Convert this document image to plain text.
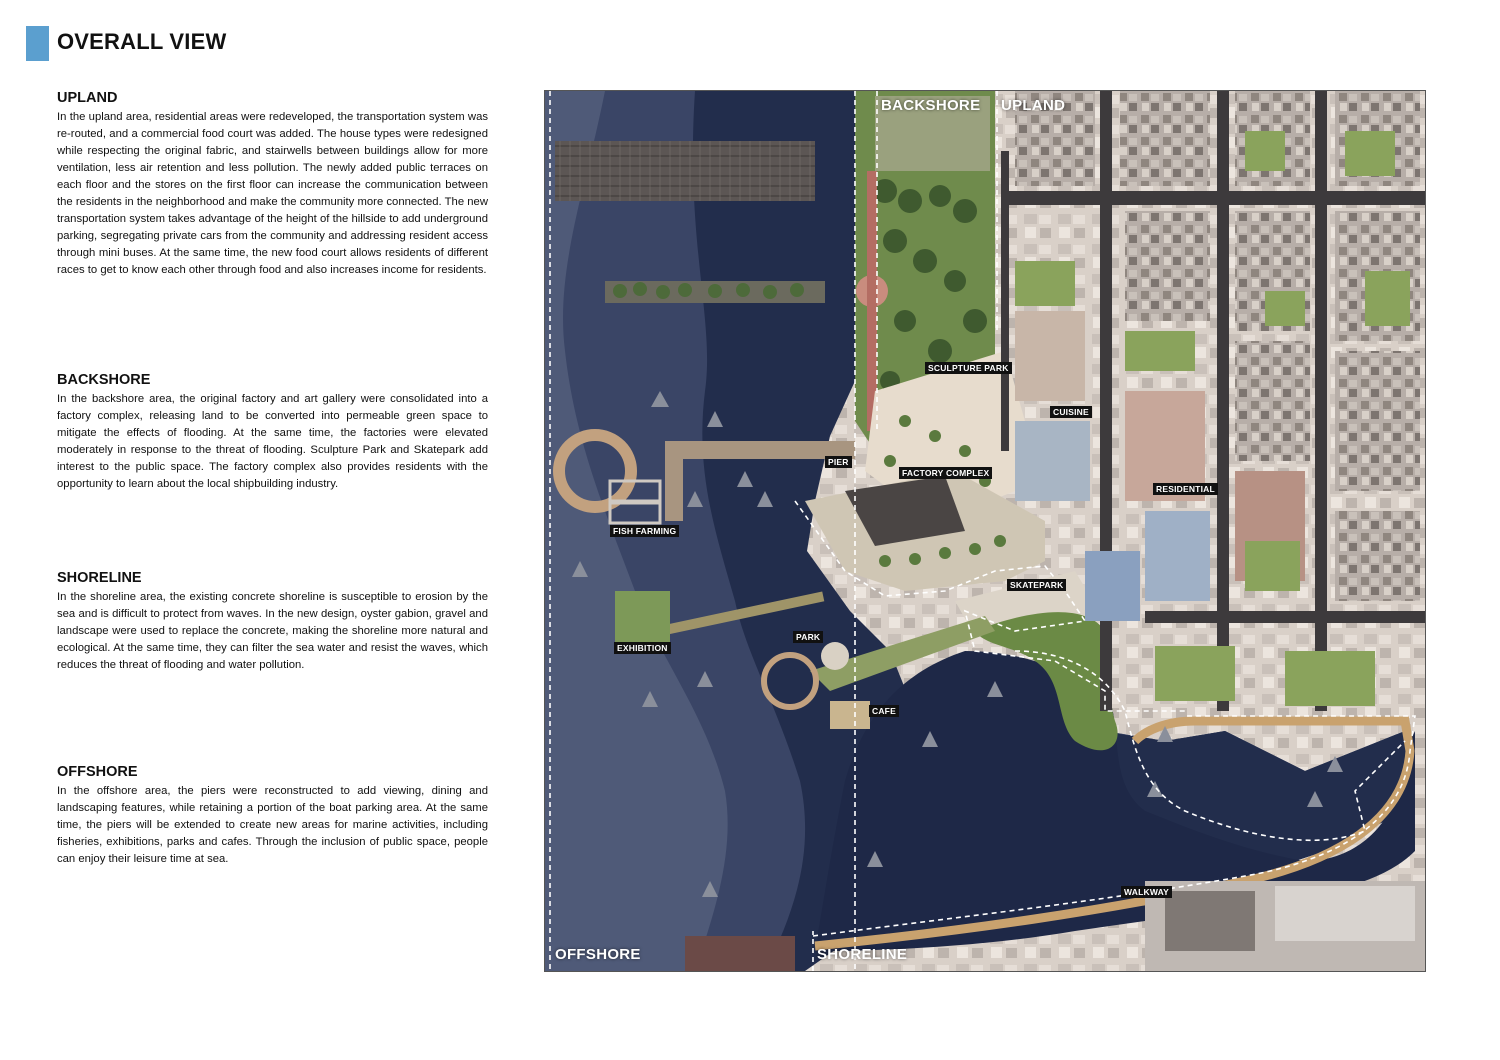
OVERALL VIEW
UPLAND

In the upland area, residential areas were redeveloped, the transportation system was re-routed, and a commercial food court was added. The house types were redesigned while respecting the original fabric, and stairwells between buildings allow for more ventilation, less air retention and less pollution. The newly added public terraces on each floor and the stores on the first floor can increase the communication between the residents in the neighborhood and make the community more connected. The new transportation system takes advantage of the height of the hillside to add underground parking, segregating private cars from the community and addressing resident access through mini buses. At the same time, the new food court allows residents of different races to get to know each other through food and also increases income for residents.

BACKSHORE

In the backshore area, the original factory and art gallery were consolidated into a factory complex, releasing land to be converted into permeable green space to mitigate the effects of flooding. At the same time, the factories were elevated moderately in response to the threat of flooding. Sculpture Park and Skatepark add interest to the public space. The factory complex also provides residents with the opportunity to learn about the local shipbuilding industry.

SHORELINE

In the shoreline area, the existing concrete shoreline is susceptible to erosion by the sea and is difficult to protect from waves. In the new design, oyster gabion, gravel and landscape were used to replace the concrete, making the shoreline more natural and ecological. At the same time, they can filter the sea water and resist the waves, which reduces the threat of flooding and water pollution.

OFFSHORE

In the offshore area, the piers were reconstructed to add viewing, dining and landscaping features, while retaining a portion of the boat parking area. At the same time, the piers will be extended to create new areas for marine activities, including fisheries, exhibitions, parks and cafes. Through the inclusion of public space, people can enjoy their leisure time at sea.

BACKSHORE UPLAND
OFFSHORE	SHORELINE
SCULPTURE PARK
CUISINE
PIER
FACTORY COMPLEX
RESIDENTIAL
FISH FARMING
SKATEPARK
PARK
EXHIBITION
CAFE
WALKWAY
